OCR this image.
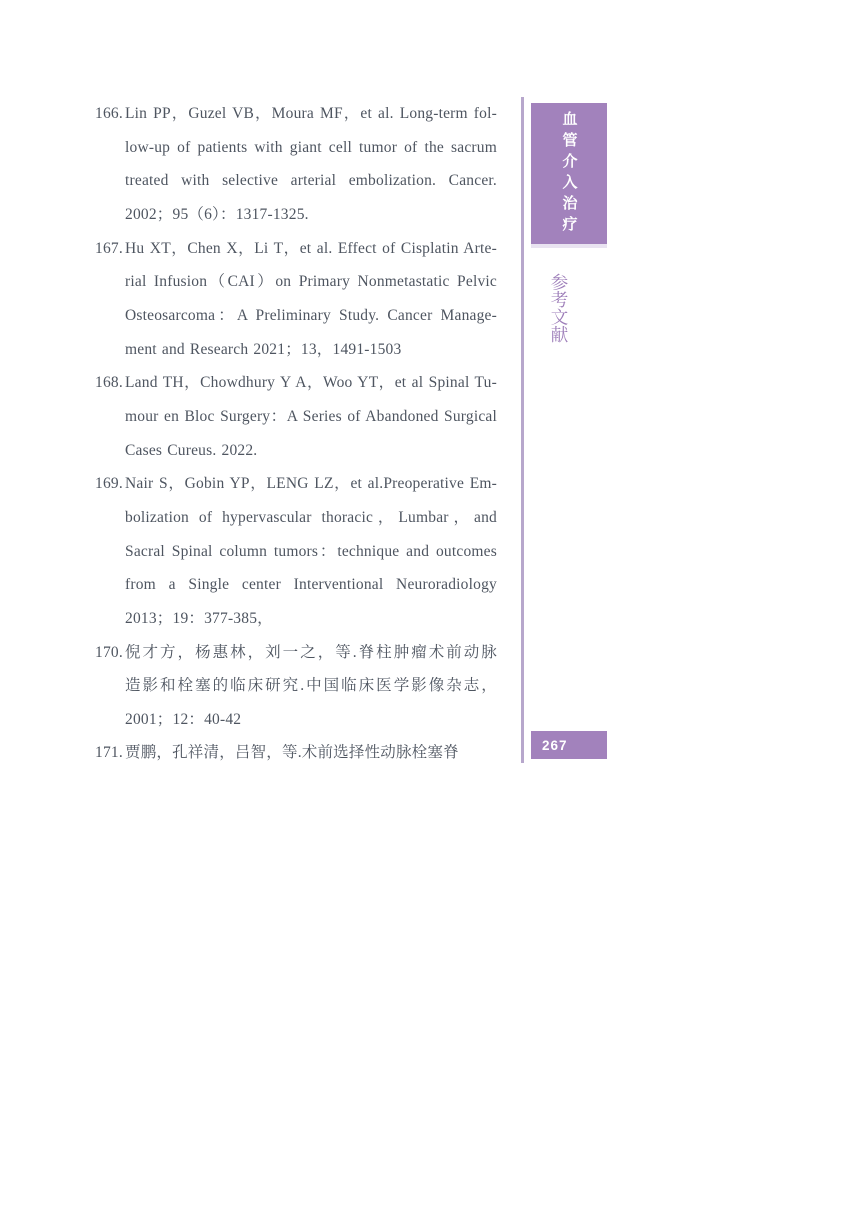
166. Lin PP，Guzel VB，Moura MF，et al. Long-term fol-
low-up of patients with giant cell tumor of the sacrum
treated with selective arterial embolization. Cancer.
2002；95（6）：1317-1325.
167. Hu XT，Chen X，Li T，et al. Effect of Cisplatin Arte-
rial Infusion（CAI）on Primary Nonmetastatic Pelvic
Osteosarcoma：A Preliminary Study. Cancer Manage-
ment and Research 2021；13，1491-1503
168. Land TH，Chowdhury Y A，Woo YT，et al Spinal Tu-
mour en Bloc Surgery：A Series of Abandoned Surgical
Cases Cureus. 2022.
169. Nair S，Gobin YP，LENG LZ，et al.Preoperative Em-
bolization of hypervascular thoracic，Lumbar，and
Sacral Spinal column tumors：technique and outcomes
from a Single center Interventional Neuroradiology
2013；19：377-385，
170. 倪才方，杨惠林，刘一之，等.脊柱肿瘤术前动脉
造影和栓塞的临床研究.中国临床医学影像杂志，
2001；12：40-42
171. 贾鹏，孔祥清，吕智，等.术前选择性动脉栓塞脊
血管介入治疗
参考文献
267
